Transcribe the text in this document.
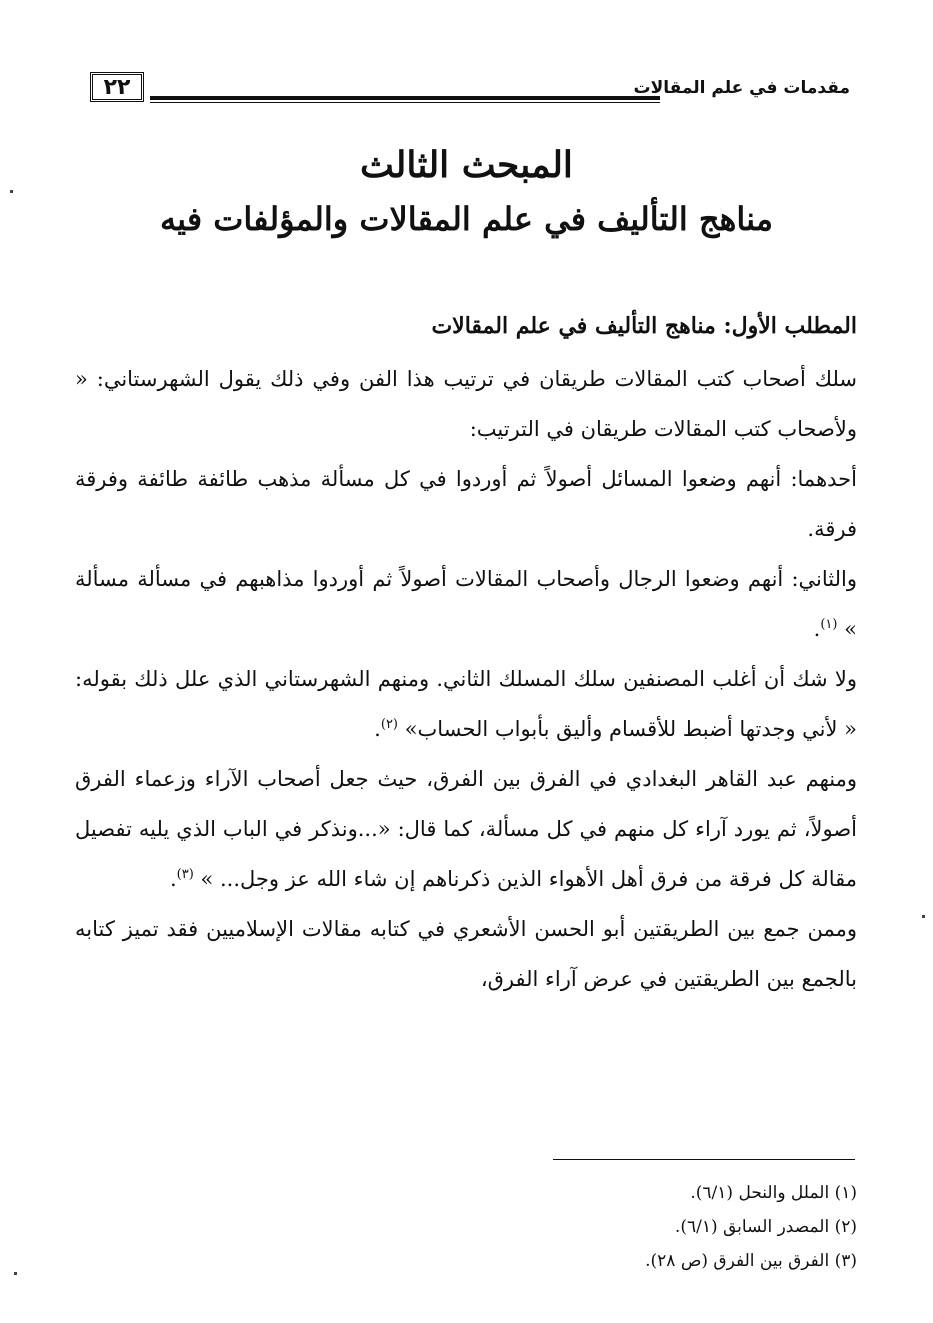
٢٢	مقدمات في علم المقالات
المبحث الثالث
مناهج التأليف في علم المقالات والمؤلفات فيه

المطلب الأول: مناهج التأليف في علم المقالات

سلك أصحاب كتب المقالات طريقان في ترتيب هذا الفن وفي ذلك يقول الشهرستاني: « ولأصحاب كتب المقالات طريقان في الترتيب:

أحدهما: أنهم وضعوا المسائل أصولاً ثم أوردوا في كل مسألة مذهب طائفة طائفة وفرقة فرقة.

والثاني: أنهم وضعوا الرجال وأصحاب المقالات أصولاً ثم أوردوا مذاهبهم في مسألة مسألة » $^{(١)}$.

ولا شك أن أغلب المصنفين سلك المسلك الثاني. ومنهم الشهرستاني الذي علل ذلك بقوله: « لأني وجدتها أضبط للأقسام وأليق بأبواب الحساب» $^{(٢)}$.

ومنهم عبد القاهر البغدادي في الفرق بين الفرق، حيث جعل أصحاب الآراء وزعماء الفرق أصولاً، ثم يورد آراء كل منهم في كل مسألة، كما قال: «...ونذكر في الباب الذي يليه تفصيل مقالة كل فرقة من فرق أهل الأهواء الذين ذكرناهم إن شاء الله عز وجل... » $^{(٣)}$.

وممن جمع بين الطريقتين أبو الحسن الأشعري في كتابه مقالات الإسلاميين فقد تميز كتابه بالجمع بين الطريقتين في عرض آراء الفرق،

(١) الملل والنحل (٦/١).

(٢) المصدر السابق (٦/١).

(٣) الفرق بين الفرق (ص ٢٨).
